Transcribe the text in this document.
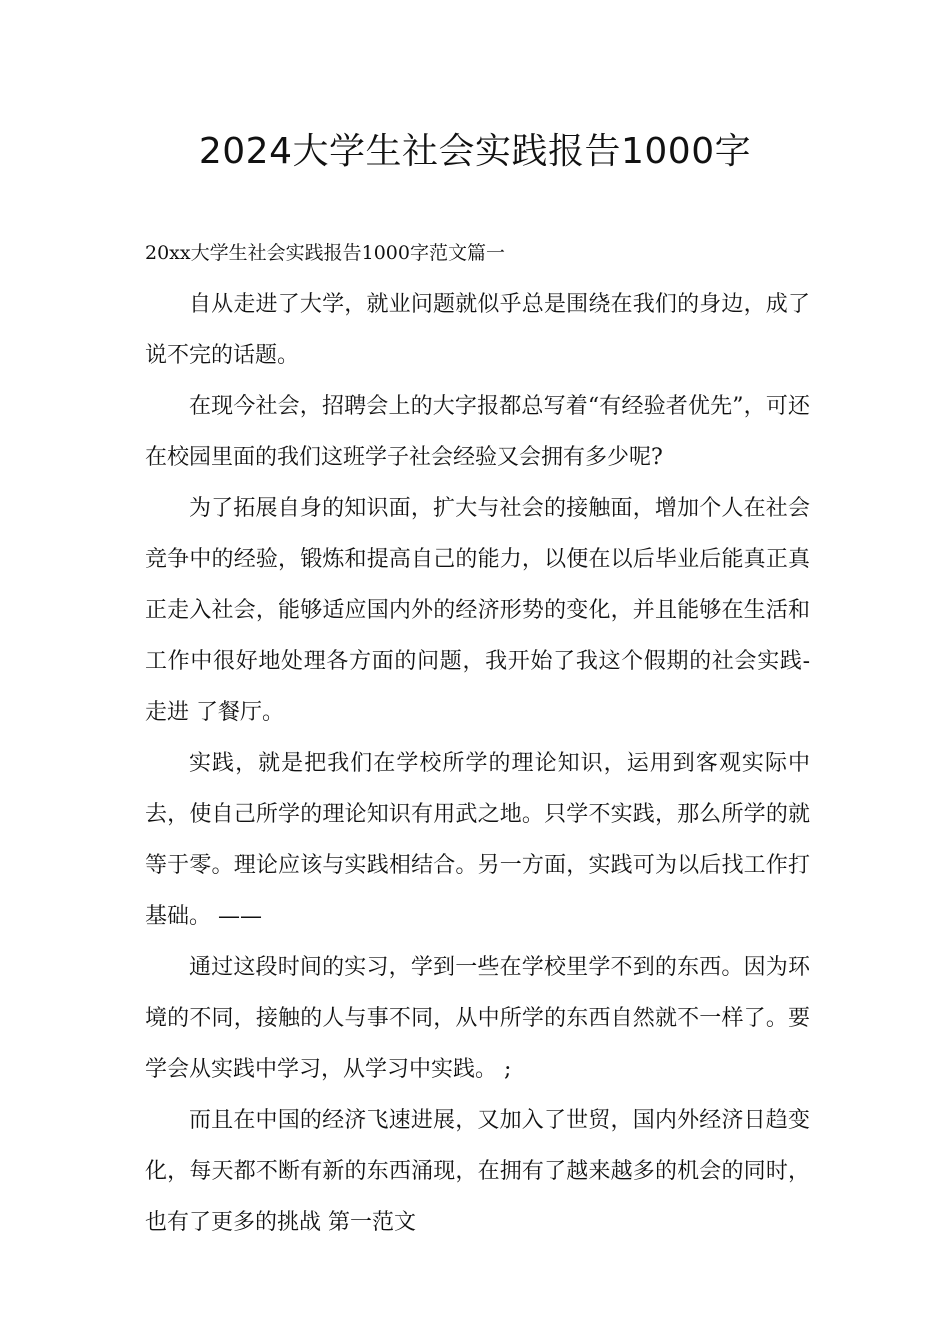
2024大学生社会实践报告1000字

20xx大学生社会实践报告1000字范文篇一

自从走进了大学，就业问题就似乎总是围绕在我们的身边，成了说不完的话题。

在现今社会，招聘会上的大字报都总写着“有经验者优先”，可还在校园里面的我们这班学子社会经验又会拥有多少呢?

为了拓展自身的知识面，扩大与社会的接触面，增加个人在社会竞争中的经验，锻炼和提高自己的能力，以便在以后毕业后能真正真正走入社会，能够适应国内外的经济形势的变化，并且能够在生活和工作中很好地处理各方面的问题，我开始了我这个假期的社会实践-走进 了餐厅。

实践，就是把我们在学校所学的理论知识，运用到客观实际中去，使自己所学的理论知识有用武之地。只学不实践，那么所学的就等于零。理论应该与实践相结合。另一方面，实践可为以后找工作打基础。 ——

通过这段时间的实习，学到一些在学校里学不到的东西。因为环境的不同，接触的人与事不同，从中所学的东西自然就不一样了。要学会从实践中学习，从学习中实践。 ;

而且在中国的经济飞速进展，又加入了世贸，国内外经济日趋变化，每天都不断有新的东西涌现，在拥有了越来越多的机会的同时，也有了更多的挑战 第一范文
